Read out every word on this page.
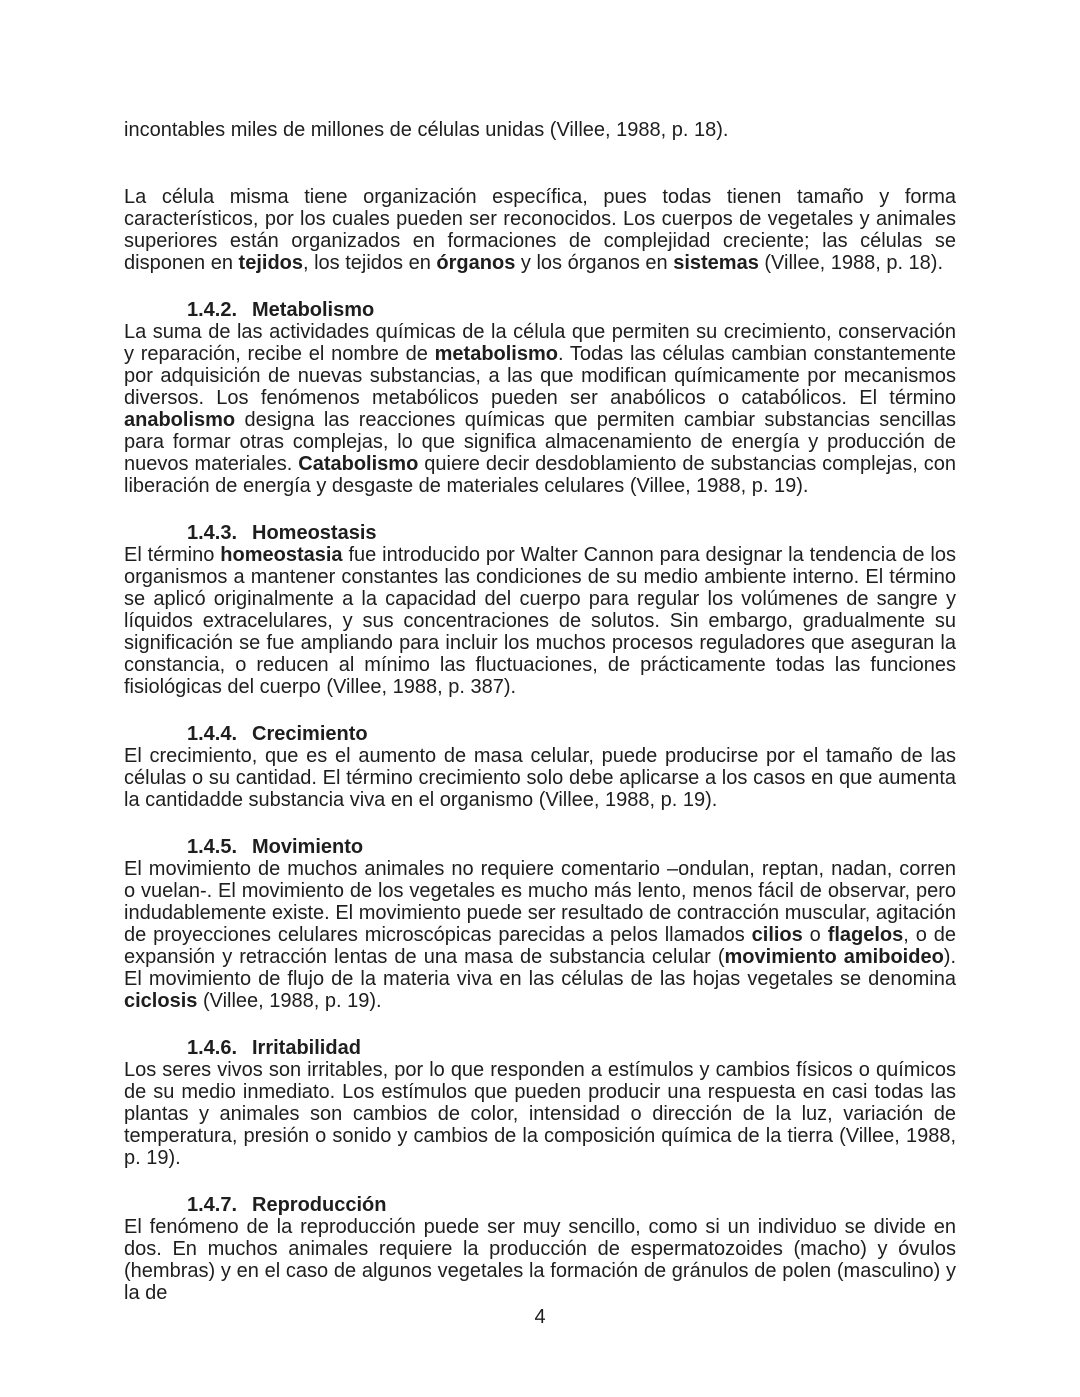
incontables miles de millones de células unidas (Villee, 1988, p. 18).

La célula misma tiene organización específica, pues todas tienen tamaño y forma característicos, por los cuales pueden ser reconocidos. Los cuerpos de vegetales y animales superiores están organizados en formaciones de complejidad creciente; las células se disponen en tejidos, los tejidos en órganos y los órganos en sistemas (Villee, 1988, p. 18).

1.4.2. Metabolismo

La suma de las actividades químicas de la célula que permiten su crecimiento, conservación y reparación, recibe el nombre de metabolismo. Todas las células cambian constantemente por adquisición de nuevas substancias, a las que modifican químicamente por mecanismos diversos. Los fenómenos metabólicos pueden ser anabólicos o catabólicos. El término anabolismo designa las reacciones químicas que permiten cambiar substancias sencillas para formar otras complejas, lo que significa almacenamiento de energía y producción de nuevos materiales. Catabolismo quiere decir desdoblamiento de substancias complejas, con liberación de energía y desgaste de materiales celulares (Villee, 1988, p. 19).

1.4.3. Homeostasis

El término homeostasia fue introducido por Walter Cannon para designar la tendencia de los organismos a mantener constantes las condiciones de su medio ambiente interno. El término se aplicó originalmente a la capacidad del cuerpo para regular los volúmenes de sangre y líquidos extracelulares, y sus concentraciones de solutos. Sin embargo, gradualmente su significación se fue ampliando para incluir los muchos procesos reguladores que aseguran la constancia, o reducen al mínimo las fluctuaciones, de prácticamente todas las funciones fisiológicas del cuerpo (Villee, 1988, p. 387).

1.4.4. Crecimiento

El crecimiento, que es el aumento de masa celular, puede producirse por el tamaño de las células o su cantidad. El término crecimiento solo debe aplicarse a los casos en que aumenta la cantidadde substancia viva en el organismo (Villee, 1988, p. 19).

1.4.5. Movimiento

El movimiento de muchos animales no requiere comentario –ondulan, reptan, nadan, corren o vuelan-. El movimiento de los vegetales es mucho más lento, menos fácil de observar, pero indudablemente existe. El movimiento puede ser resultado de contracción muscular, agitación de proyecciones celulares microscópicas parecidas a pelos llamados cilios o flagelos, o de expansión y retracción lentas de una masa de substancia celular (movimiento amiboideo). El movimiento de flujo de la materia viva en las células de las hojas vegetales se denomina ciclosis (Villee, 1988, p. 19).

1.4.6. Irritabilidad

Los seres vivos son irritables, por lo que responden a estímulos y cambios físicos o químicos de su medio inmediato. Los estímulos que pueden producir una respuesta en casi todas las plantas y animales son cambios de color, intensidad o dirección de la luz, variación de temperatura, presión o sonido y cambios de la composición química de la tierra (Villee, 1988, p. 19).

1.4.7. Reproducción

El fenómeno de la reproducción puede ser muy sencillo, como si un individuo se divide en dos. En muchos animales requiere la producción de espermatozoides (macho) y óvulos (hembras) y en el caso de algunos vegetales la formación de gránulos de polen (masculino) y la de

4
